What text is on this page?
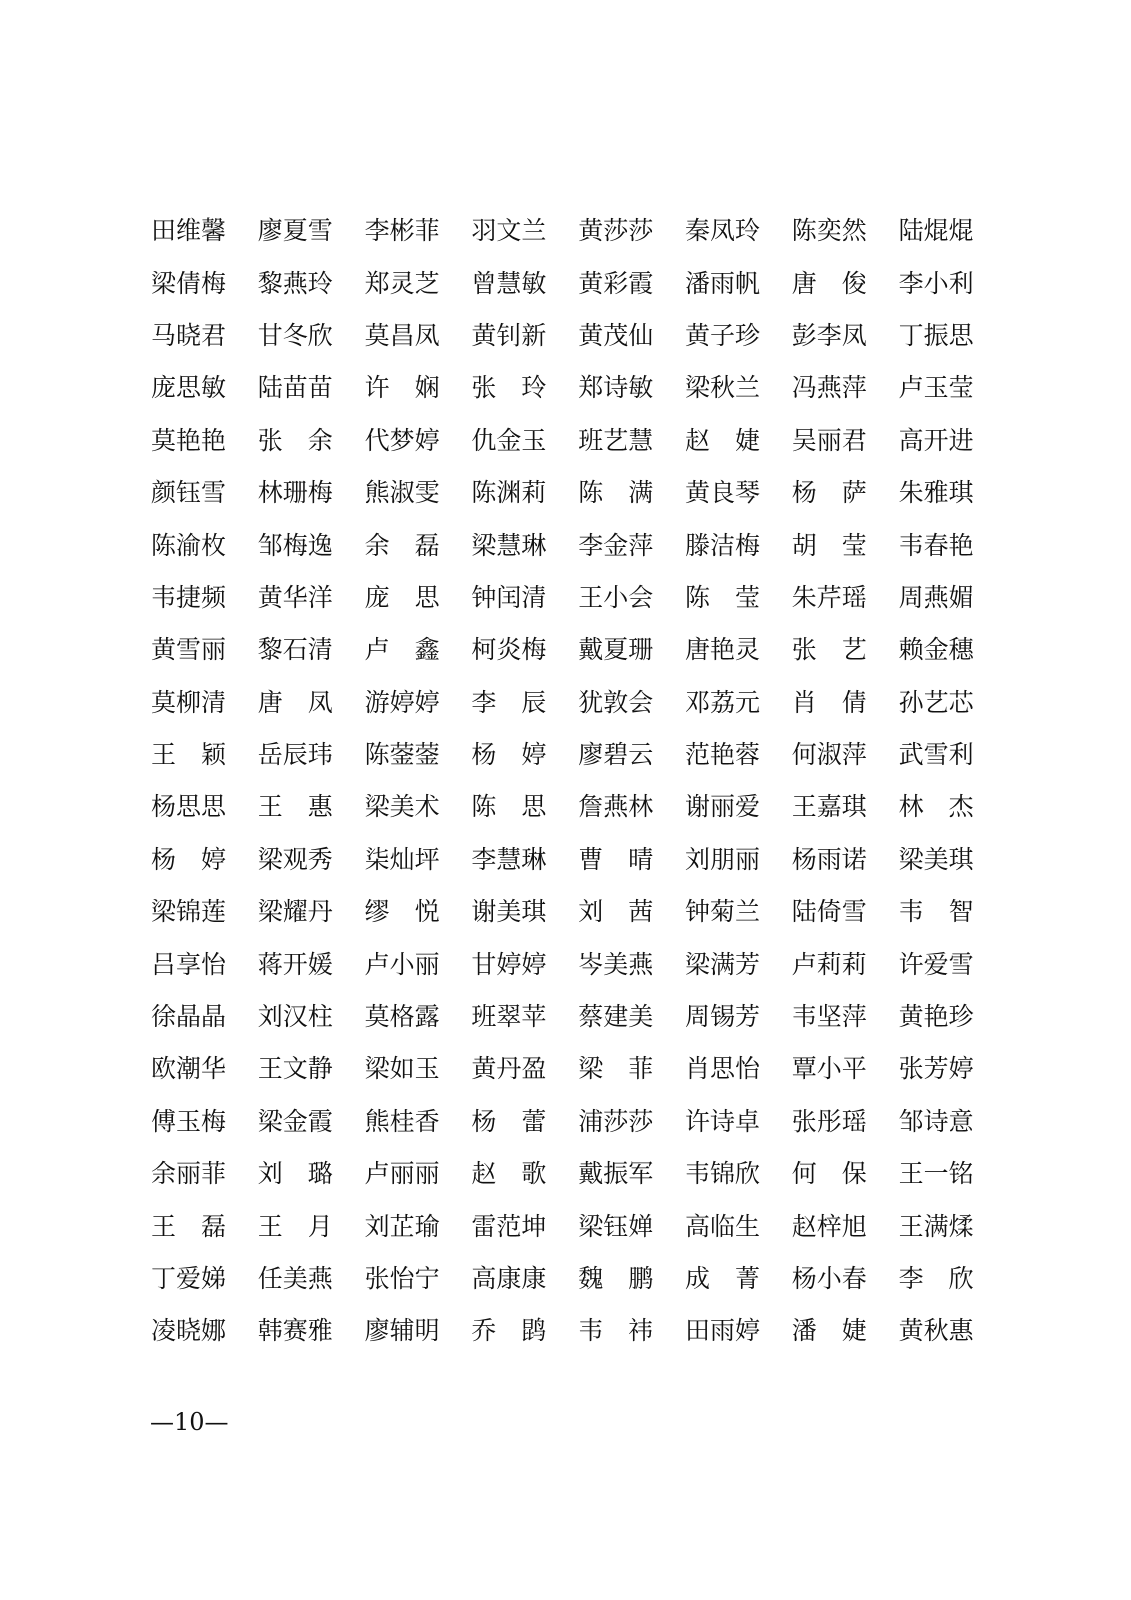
田维馨	廖夏雪	李彬菲	羽文兰	黄莎莎	秦凤玲	陈奕然	陆焜焜
梁倩梅	黎燕玲	郑灵芝	曾慧敏	黄彩霞	潘雨帆	唐　俊	李小利
马晓君	甘冬欣	莫昌凤	黄钊新	黄茂仙	黄子珍	彭李凤	丁振思
庞思敏	陆苗苗	许　娴	张　玲	郑诗敏	梁秋兰	冯燕萍	卢玉莹
莫艳艳	张　余	代梦婷	仇金玉	班艺慧	赵　婕	吴丽君	高开进
颜钰雪	林珊梅	熊淑雯	陈渊莉	陈　满	黄良琴	杨　萨	朱雅琪
陈渝枚	邹梅逸	余　磊	梁慧琳	李金萍	滕洁梅	胡　莹	韦春艳
韦捷频	黄华洋	庞　思	钟闰清	王小会	陈　莹	朱芹瑶	周燕媚
黄雪丽	黎石清	卢　鑫	柯炎梅	戴夏珊	唐艳灵	张　艺	赖金穗
莫柳清	唐　凤	游婷婷	李　辰	犹敦会	邓荔元	肖　倩	孙艺芯
王　颖	岳辰玮	陈蓥蓥	杨　婷	廖碧云	范艳蓉	何淑萍	武雪利
杨思思	王　惠	梁美术	陈　思	詹燕林	谢丽爱	王嘉琪	林　杰
杨　婷	梁观秀	柒灿坪	李慧琳	曹　晴	刘朋丽	杨雨诺	梁美琪
梁锦莲	梁耀丹	缪　悦	谢美琪	刘　茜	钟菊兰	陆倚雪	韦　智
吕享怡	蒋开媛	卢小丽	甘婷婷	岑美燕	梁满芳	卢莉莉	许爱雪
徐晶晶	刘汉柱	莫格露	班翠苹	蔡建美	周锡芳	韦坚萍	黄艳珍
欧潮华	王文静	梁如玉	黄丹盈	梁　菲	肖思怡	覃小平	张芳婷
傅玉梅	梁金霞	熊桂香	杨　蕾	浦莎莎	许诗卓	张彤瑶	邹诗意
余丽菲	刘　璐	卢丽丽	赵　歌	戴振军	韦锦欣	何　保	王一铭
王　磊	王　月	刘芷瑜	雷范坤	梁钰婵	高临生	赵梓旭	王满煣
丁爱娣	任美燕	张怡宁	高康康	魏　鹏	成　菁	杨小春	李　欣
凌晓娜	韩赛雅	廖辅明	乔　鹍	韦　祎	田雨婷	潘　婕	黄秋惠
—10—
